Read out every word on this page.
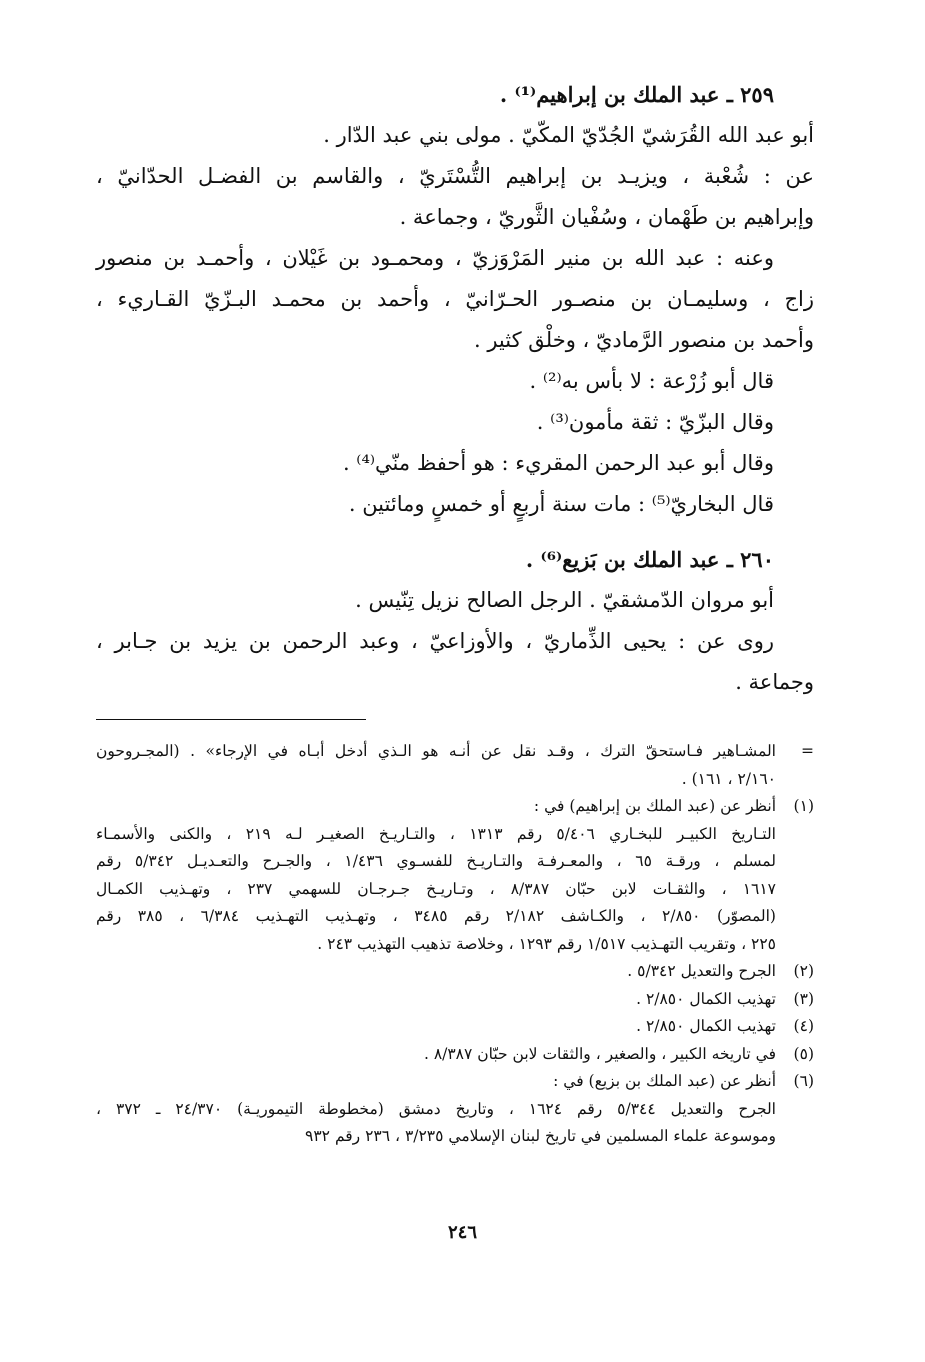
٢٥٩ ـ عبد الملك بن إبراهيم⁽¹⁾ .

أبو عبد الله القُرَشيّ الجُدّيّ المكّيّ . مولى بني عبد الدّار .

عن : شُعْبة ، ويزيـد بن إبراهيم التُّسْتَريّ ، والقاسم بن الفضـل الحدّانيّ ،

وإبراهيم بن طَهْمان ، وسُفْيان الثَّوريّ ، وجماعة .

وعنه : عبد الله بن منير المَرْوَزيّ ، ومحمـود بن غَيْلان ، وأحمـد بن منصور

زاج ، وسليمـان بن منصـور الحـرّانيّ ، وأحمد بن محمـد البـزّيّ القـاريء ،

وأحمد بن منصور الرَّماديّ ، وخلْق كثير .

قال أبو زُرْعة : لا بأس به⁽²⁾ .

وقال البزّيّ : ثقة مأمون⁽³⁾ .

وقال أبو عبد الرحمن المقريء : هو أحفظ منّي⁽⁴⁾ .

قال البخاريّ⁽⁵⁾ : مات سنة أربعٍ أو خمسٍ ومائتين .

٢٦٠ ـ عبد الملك بن بَزيع⁽⁶⁾ .

أبو مروان الدّمشقيّ . الرجل الصالح نزيل تِنّيس .

روى عن : يحيى الذِّماريّ ، والأوزاعيّ ، وعبد الرحمن بن يزيد بن جـابر ،

وجماعة .

=
المشـاهير فـاستحقّ الترك ، وقـد نقل عن أنـه هو الـذي أدخل أبـاه في الإرجاء» . (المجـروحون
٢/١٦٠ ، ١٦١) .
(١)
أنظر عن (عبد الملك بن إبراهيم) في :
التـاريخ الكبيـر للبخـاري ٥/٤٠٦ رقم ١٣١٣ ، والتـاريـخ الصغيـر لـه ٢١٩ ، والكنى والأسمـاء
لمسلم ، ورقـة ٦٥ ، والمعـرفـة والتـاريـخ للفسـوي ١/٤٣٦ ، والجـرح والتعـديـل ٥/٣٤٢ رقم
١٦١٧ ، والثقـات لابن حبّان ٨/٣٨٧ ، وتـاريـخ جـرجـان للسهمي ٢٣٧ ، وتهـذيب الكمـال
(المصوّر) ٢/٨٥٠ ، والكـاشف ٢/١٨٢ رقم ٣٤٨٥ ، وتهـذيب التهـذيب ٦/٣٨٤ ، ٣٨٥ رقم
٢٢٥ ، وتقريب التهـذيب ١/٥١٧ رقم ١٢٩٣ ، وخلاصة تذهيب التهذيب ٢٤٣ .
(٢)
الجرح والتعديل ٥/٣٤٢ .
(٣)
تهذيب الكمال ٢/٨٥٠ .
(٤)
تهذيب الكمال ٢/٨٥٠ .
(٥)
في تاريخه الكبير ، والصغير ، والثقات لابن حبّان ٨/٣٨٧ .
(٦)
أنظر عن (عبد الملك بن بزيع) في :
الجرح والتعديل ٥/٣٤٤ رقم ١٦٢٤ ، وتاريخ دمشق (مخطوطة التيموريـة) ٢٤/٣٧٠ ـ ٣٧٢ ،
وموسوعة علماء المسلمين في تاريخ لبنان الإسلامي ٣/٢٣٥ ، ٢٣٦ رقم ٩٣٢
٢٤٦
